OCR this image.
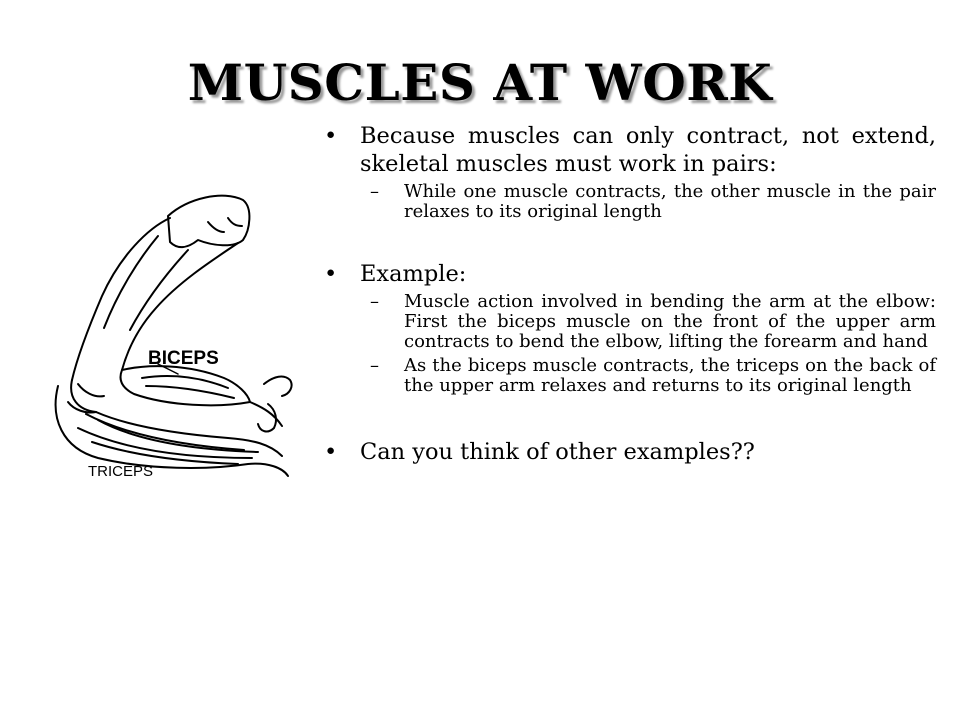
MUSCLES AT WORK
BICEPS
TRICEPS
• Because muscles can only contract, not extend, skeletal muscles must work in pairs:
– While one muscle contracts, the other muscle in the pair relaxes to its original length
• Example:
– Muscle action involved in bending the arm at the elbow: First the biceps muscle on the front of the upper arm contracts to bend the elbow, lifting the forearm and hand
– As the biceps muscle contracts, the triceps on the back of the upper arm relaxes and returns to its original length
• Can you think of other examples??
